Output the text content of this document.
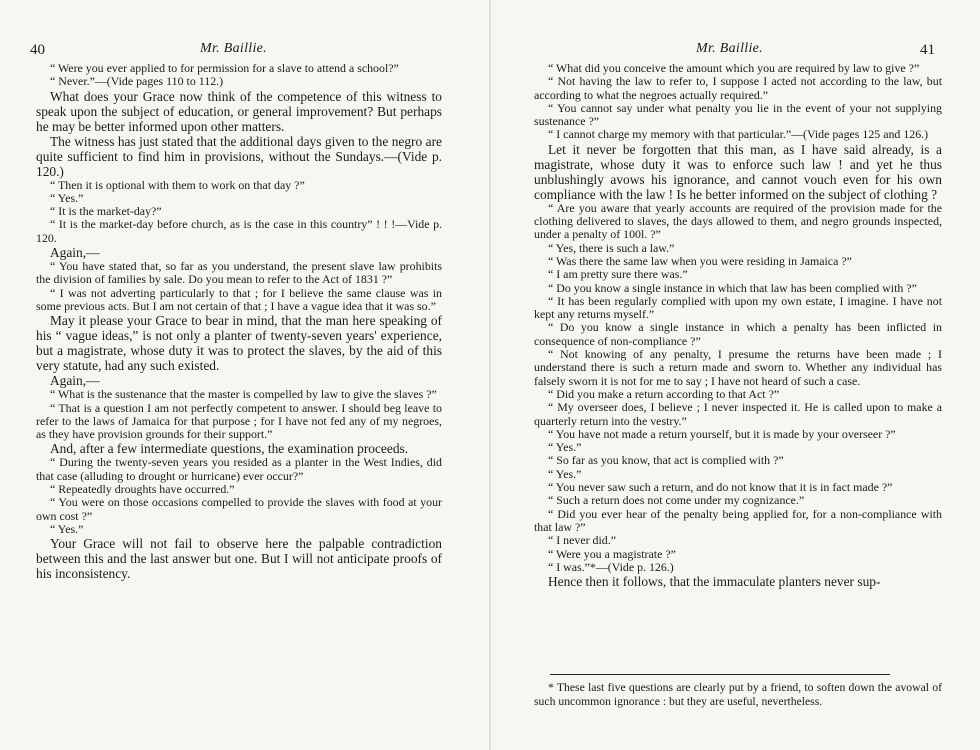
40	Mr. Baillie.

“ Were you ever applied to for permission for a slave to attend a school?”

“ Never.”—(Vide pages 110 to 112.)

What does your Grace now think of the competence of this witness to speak upon the subject of education, or general improvement? But perhaps he may be better informed upon other matters.

The witness has just stated that the additional days given to the negro are quite sufficient to find him in provisions, without the Sundays.—(Vide p. 120.)

“ Then it is optional with them to work on that day ?”

“ Yes.”

“ It is the market-day?”

“ It is the market-day before church, as is the case in this country” ! ! !—Vide p. 120.

Again,—

“ You have stated that, so far as you understand, the present slave law prohibits the division of families by sale. Do you mean to refer to the Act of 1831 ?”

“ I was not adverting particularly to that ; for I believe the same clause was in some previous acts. But I am not certain of that ; I have a vague idea that it was so.”

May it please your Grace to bear in mind, that the man here speaking of his “ vague ideas,” is not only a planter of twenty-seven years' experience, but a magistrate, whose duty it was to protect the slaves, by the aid of this very statute, had any such existed.

Again,—

“ What is the sustenance that the master is compelled by law to give the slaves ?”

“ That is a question I am not perfectly competent to answer. I should beg leave to refer to the laws of Jamaica for that purpose ; for I have not fed any of my negroes, as they have provision grounds for their support.”

And, after a few intermediate questions, the examination proceeds.

“ During the twenty-seven years you resided as a planter in the West Indies, did that case (alluding to drought or hurricane) ever occur?”

“ Repeatedly droughts have occurred.”

“ You were on those occasions compelled to provide the slaves with food at your own cost ?”

“ Yes.”

Your Grace will not fail to observe here the palpable contradiction between this and the last answer but one. But I will not anticipate proofs of his inconsistency.

Mr. Baillie.	41

“ What did you conceive the amount which you are required by law to give ?”

“ Not having the law to refer to, I suppose I acted not according to the law, but according to what the negroes actually required.”

“ You cannot say under what penalty you lie in the event of your not supplying sustenance ?”

“ I cannot charge my memory with that particular.”—(Vide pages 125 and 126.)

Let it never be forgotten that this man, as I have said already, is a magistrate, whose duty it was to enforce such law ! and yet he thus unblushingly avows his ignorance, and cannot vouch even for his own compliance with the law ! Is he better informed on the subject of clothing ?

“ Are you aware that yearly accounts are required of the provision made for the clothing delivered to slaves, the days allowed to them, and negro grounds inspected, under a penalty of 100l. ?”

“ Yes, there is such a law.”

“ Was there the same law when you were residing in Jamaica ?”

“ I am pretty sure there was.”

“ Do you know a single instance in which that law has been complied with ?”

“ It has been regularly complied with upon my own estate, I imagine. I have not kept any returns myself.”

“ Do you know a single instance in which a penalty has been inflicted in consequence of non-compliance ?”

“ Not knowing of any penalty, I presume the returns have been made ; I understand there is such a return made and sworn to. Whether any individual has falsely sworn it is not for me to say ; I have not heard of such a case.

“ Did you make a return according to that Act ?”

“ My overseer does, I believe ; I never inspected it. He is called upon to make a quarterly return into the vestry.”

“ You have not made a return yourself, but it is made by your overseer ?”

“ Yes.”

“ So far as you know, that act is complied with ?”

“ Yes.”

“ You never saw such a return, and do not know that it is in fact made ?”

“ Such a return does not come under my cognizance.”

“ Did you ever hear of the penalty being applied for, for a non-compliance with that law ?”

“ I never did.”

“ Were you a magistrate ?”

“ I was.”*—(Vide p. 126.)

Hence then it follows, that the immaculate planters never sup-

* These last five questions are clearly put by a friend, to soften down the avowal of such uncommon ignorance : but they are useful, nevertheless.
